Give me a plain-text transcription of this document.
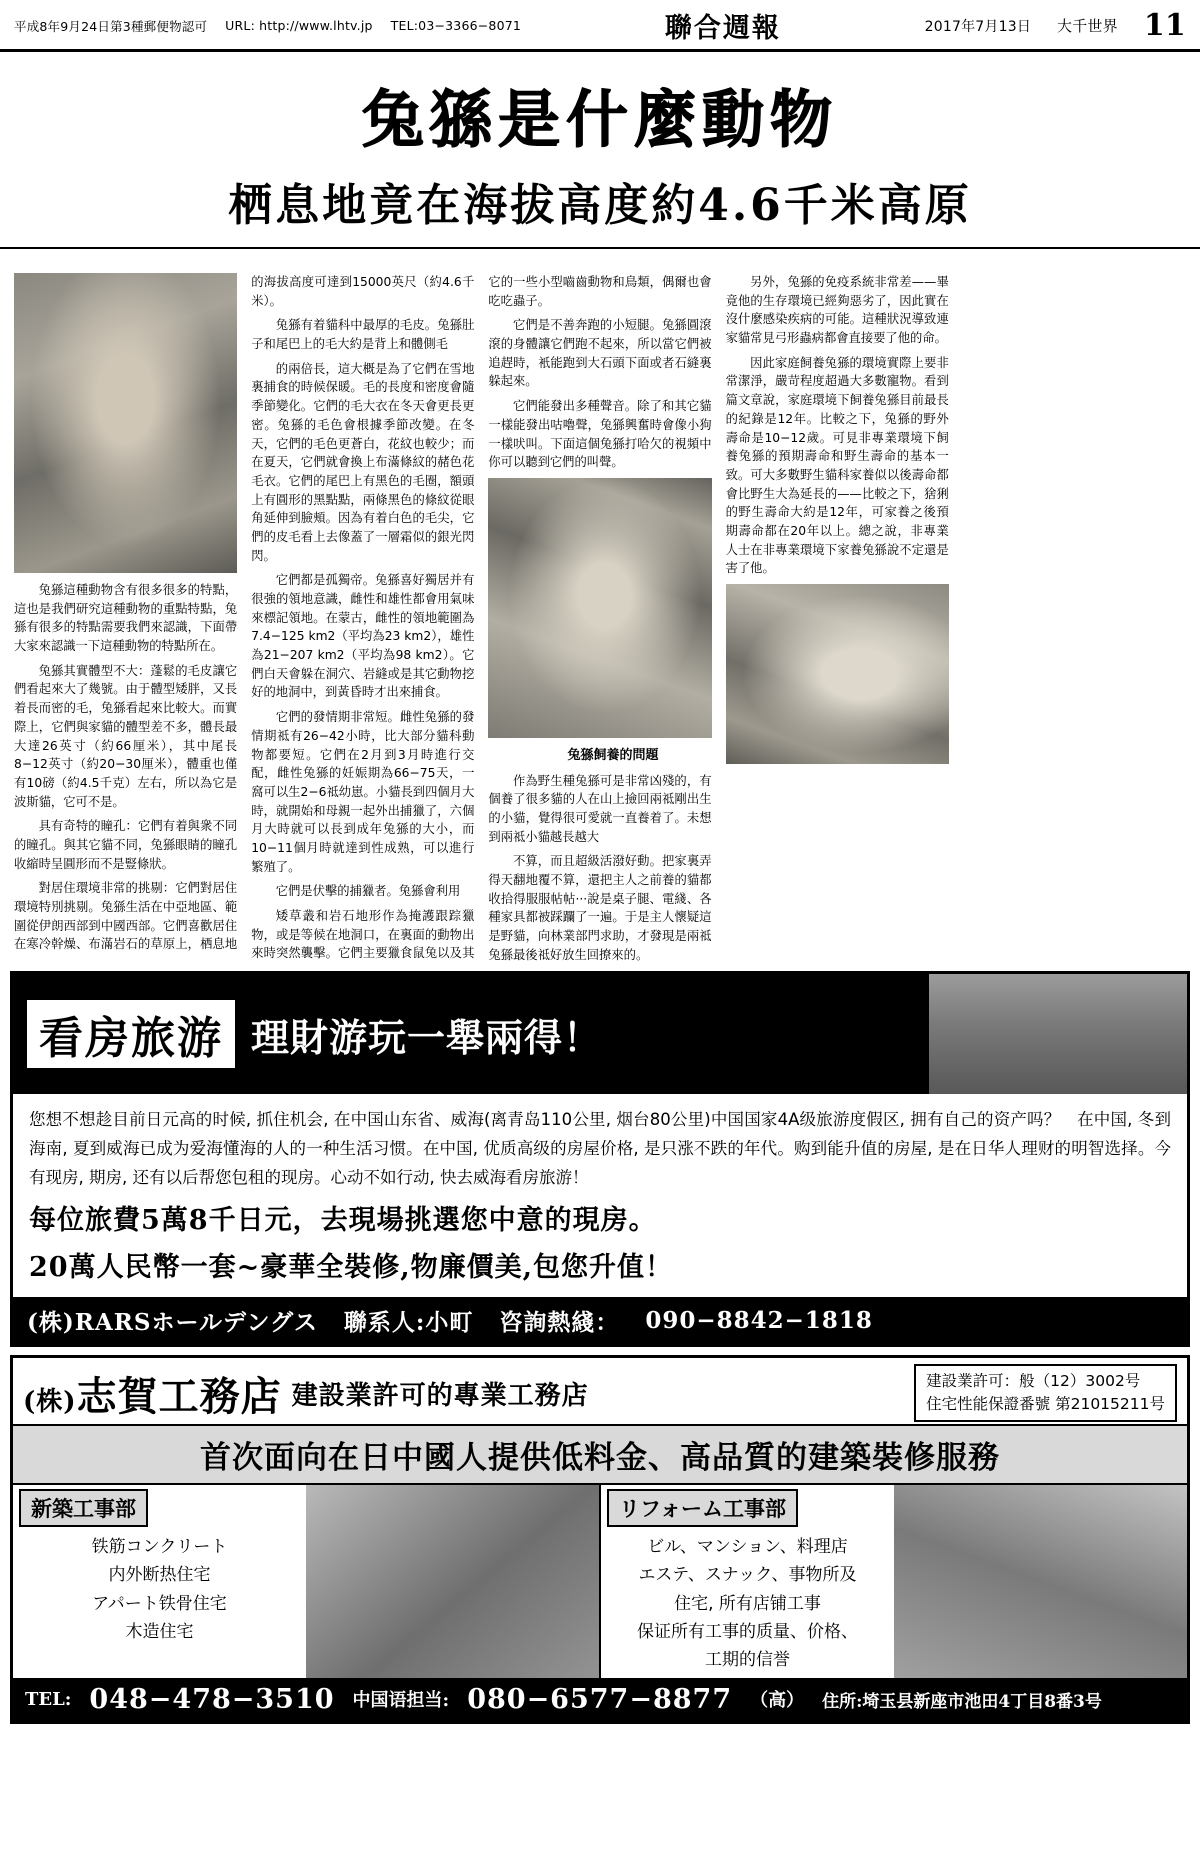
平成8年9月24日第3種郵便物認可 URL: http://www.lhtv.jp TEL:03−3366−8071	聯合週報	2017年7月13日 大千世界 11
兔猻是什麼動物
栖息地竟在海拔高度約4.6千米高原

兔猻這種動物含有很多很多的特點，這也是我們研究這種動物的重點特點，兔猻有很多的特點需要我們來認識，下面帶大家來認識一下這種動物的特點所在。

兔猻其實體型不大：蓬鬆的毛皮讓它們看起來大了幾號。由于體型矮胖，又長着長而密的毛，兔猻看起來比較大。而實際上，它們與家貓的體型差不多，體長最大達26英寸（約66厘米），其中尾長8−12英寸（約20−30厘米），體重也僅有10磅（約4.5千克）左右，所以為它是波斯貓，它可不是。

具有奇特的瞳孔：它們有着與衆不同的瞳孔。與其它貓不同，兔猻眼睛的瞳孔收縮時呈圓形而不是豎條狀。

對居住環境非常的挑剔：它們對居住環境特別挑剔。兔猻生活在中亞地區、範圍從伊朗西部到中國西部。它們喜歡居住在寒冷幹燥、布滿岩石的草原上，栖息地的海拔高度可達到15000英尺（約4.6千米）。

兔猻有着貓科中最厚的毛皮。兔猻肚子和尾巴上的毛大約是背上和體側毛

的兩倍長，這大概是為了它們在雪地裏捕食的時候保暖。毛的長度和密度會隨季節變化。它們的毛大衣在冬天會更長更密。兔猻的毛色會根據季節改變。在冬天，它們的毛色更蒼白，花紋也較少；而在夏天，它們就會換上布滿條紋的赭色花毛衣。它們的尾巴上有黑色的毛圈，額頭上有圓形的黑點點，兩條黑色的條紋從眼角延伸到臉頰。因為有着白色的毛尖，它們的皮毛看上去像蓋了一層霜似的銀光閃閃。

它們都是孤獨帝。兔猻喜好獨居并有很強的領地意識，雌性和雄性都會用氣味來標記領地。在蒙古，雌性的領地範圍為7.4−125 km2（平均為23 km2），雄性為21−207 km2（平均為98 km2）。它們白天會躲在洞穴、岩縫或是其它動物挖好的地洞中，到黃昏時才出來捕食。

它們的發情期非常短。雌性兔猻的發情期祗有26−42小時，比大部分貓科動物都要短。它們在2月到3月時進行交配，雌性兔猻的妊娠期為66−75天，一窩可以生2−6祗幼崽。小貓長到四個月大時，就開始和母親一起外出捕獵了，六個月大時就可以長到成年兔猻的大小，而10−11個月時就達到性成熟，可以進行繁殖了。

它們是伏擊的捕獵者。兔猻會利用

矮草叢和岩石地形作為掩護跟踪獵物，或是等候在地洞口，在裏面的動物出來時突然襲擊。它們主要獵食鼠兔以及其它的一些小型嚙齒動物和鳥類，偶爾也會吃吃蟲子。

它們是不善奔跑的小短腿。兔猻圓滾滾的身體讓它們跑不起來，所以當它們被追趕時，衹能跑到大石頭下面或者石縫裏躲起來。

它們能發出多種聲音。除了和其它貓一樣能發出咕嚕聲，兔猻興奮時會像小狗一樣吠叫。下面這個兔猻打哈欠的視頻中你可以聽到它們的叫聲。

兔猻飼養的問題

作為野生種兔猻可是非常凶殘的，有個養了很多貓的人在山上撿回兩祗剛出生的小貓，覺得很可愛就一直養着了。未想到兩祗小貓越長越大

不算，而且超級活潑好動。把家裏弄得天翻地覆不算，還把主人之前養的貓都收拾得服服帖帖···說是桌子腿、電綫、各種家具都被踩躝了一遍。于是主人懷疑這是野貓，向林業部門求助，才發現是兩祗兔猻最後祗好放生回撩來的。

另外，兔猻的免疫系統非常差——畢竟他的生存環境已經夠惡劣了，因此實在沒什麼感染疾病的可能。這種狀況導致連家貓常見弓形蟲病都會直接要了他的命。

因此家庭飼養兔猻的環境實際上要非常潔淨，嚴苛程度超過大多數寵物。看到篇文章說，家庭環境下飼養兔猻目前最長的紀錄是12年。比較之下，兔猻的野外壽命是10−12歲。可見非專業環境下飼養兔猻的預期壽命和野生壽命的基本一致。可大多數野生貓科家養似以後壽命都會比野生大為延長的——比較之下，猞猁的野生壽命大約是12年，可家養之後預期壽命都在20年以上。總之說，非專業人士在非專業環境下家養兔猻說不定還是害了他。

看房旅游 理財游玩一舉兩得！
您想不想趁目前日元高的时候, 抓住机会, 在中国山东省、威海(离青岛110公里, 烟台80公里)中国国家4A级旅游度假区, 拥有自己的资产吗？　在中国, 冬到海南, 夏到威海已成为爱海懂海的人的一种生活习惯。在中国, 优质高级的房屋价格, 是只涨不跌的年代。购到能升值的房屋, 是在日华人理财的明智选择。今有现房, 期房, 还有以后帮您包租的现房。心动不如行动, 快去威海看房旅游！
每位旅費5萬8千日元，去現場挑選您中意的現房。
20萬人民幣一套~豪華全裝修,物廉價美,包您升值！
(株)RARSホールデングス 聯系人:小町 咨詢熱綫： 090−8842−1818
(株)志賀工務店 建設業許可的專業工務店	建設業許可：般（12）3002号
住宅性能保證番號 第21015211号
首次面向在日中國人提供低料金、高品質的建築裝修服務
新築工事部
铁筋コンクリート
内外断热住宅
アパート铁骨住宅
木造住宅
リフォーム工事部
ビル、マンション、料理店
エステ、スナック、事物所及
住宅, 所有店铺工事
保证所有工事的质量、价格、
工期的信誉
TEL: 048−478−3510 中国语担当: 080−6577−8877 （高） 住所:埼玉县新座市池田4丁目8番3号
